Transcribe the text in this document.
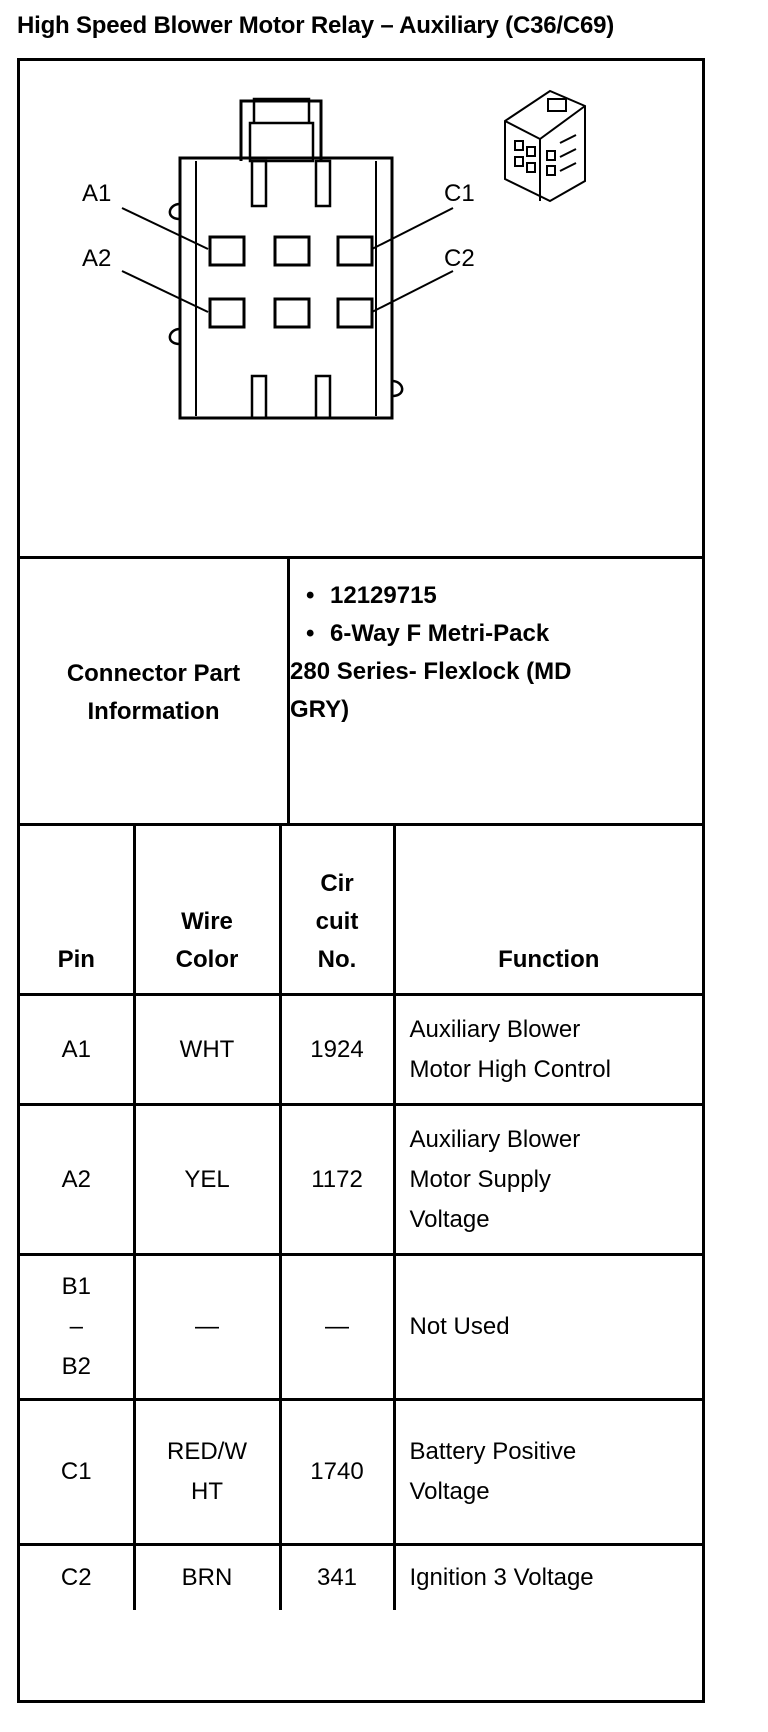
High Speed Blower Motor Relay – Auxiliary (C36/C69)
A1
A2
C1
C2
Connector Part Information
• 12129715
• 6-Way F Metri-Pack
280 Series- Flexlock (MD GRY)
Pin	Wire Color	Cir cuit No.	Function
A1	WHT	1924	Auxiliary Blower Motor High Control

A2	YEL	1172	Auxiliary Blower Motor Supply Voltage

B1 –B2	—	—	Not Used
C1	RED/W HT	1740	Battery Positive Voltage

C2	BRN	341	Ignition 3 Voltage
